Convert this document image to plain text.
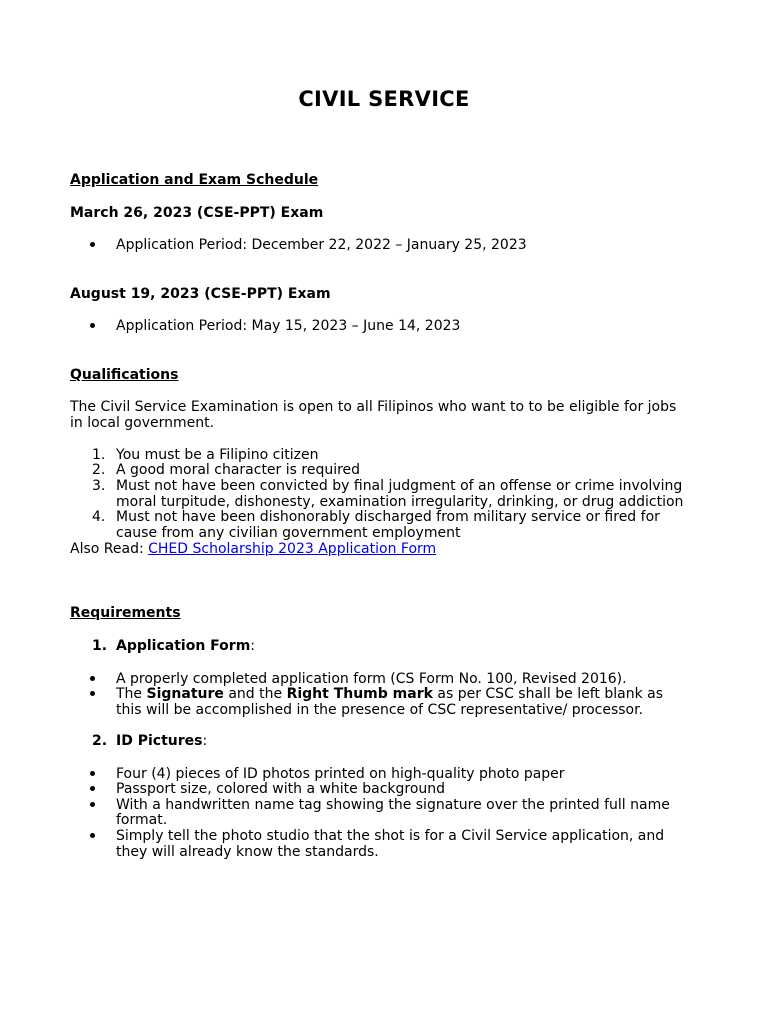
CIVIL SERVICE
Application and Exam Schedule
March 26, 2023 (CSE-PPT) Exam
Application Period: December 22, 2022 – January 25, 2023
August 19, 2023 (CSE-PPT) Exam
Application Period: May 15, 2023 – June 14, 2023
Qualifications
The Civil Service Examination is open to all Filipinos who want to to be eligible for jobs
in local government.
1. You must be a Filipino citizen
2. A good moral character is required
3. Must not have been convicted by final judgment of an offense or crime involving
moral turpitude, dishonesty, examination irregularity, drinking, or drug addiction
4. Must not have been dishonorably discharged from military service or fired for
cause from any civilian government employment
Also Read: CHED Scholarship 2023 Application Form
Requirements
1. Application Form:
A properly completed application form (CS Form No. 100, Revised 2016).
The Signature and the Right Thumb mark as per CSC shall be left blank as
this will be accomplished in the presence of CSC representative/ processor.
2. ID Pictures:
Four (4) pieces of ID photos printed on high-quality photo paper
Passport size, colored with a white background
With a handwritten name tag showing the signature over the printed full name
format.
Simply tell the photo studio that the shot is for a Civil Service application, and
they will already know the standards.
